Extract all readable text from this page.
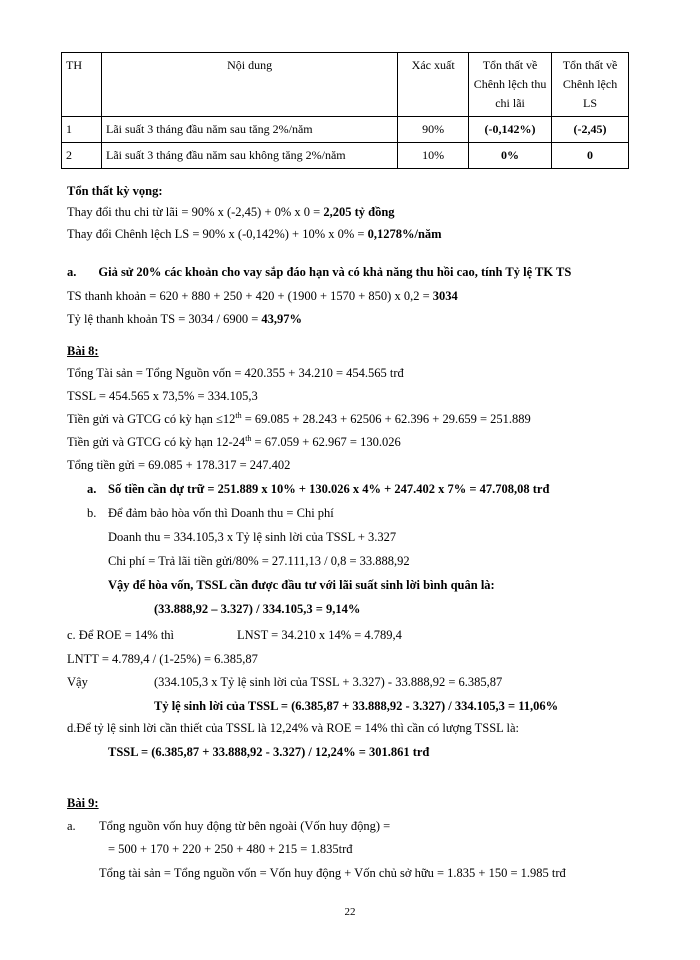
TH	Nội dung	Xác xuất	Tổn thất về Chênh lệch thu chi lãi	Tổn thất về Chênh lệch LS
1	Lãi suất 3 tháng đầu năm sau tăng 2%/năm	90%	(-0,142%)	(-2,45)
2	Lãi suất 3 tháng đầu năm sau không tăng 2%/năm	10%	0%	0
Tổn thất kỳ vọng:
Thay đổi thu chi từ lãi = 90% x (-2,45) + 0% x 0 = 2,205 tỷ đồng
Thay đổi Chênh lệch LS = 90% x (-0,142%) + 10% x 0% = 0,1278%/năm
a. Giả sử 20% các khoản cho vay sắp đáo hạn và có khả năng thu hồi cao, tính Tỷ lệ TK TS
TS thanh khoản = 620 + 880 + 250 + 420 + (1900 + 1570 + 850) x 0,2 = 3034
Tỷ lệ thanh khoản TS = 3034 / 6900 = 43,97%
Bài 8:
Tổng Tài sản = Tổng Nguồn vốn = 420.355 + 34.210 = 454.565 trđ
TSSL = 454.565 x 73,5% = 334.105,3
Tiền gửi và GTCG có kỳ hạn ≤12th = 69.085 + 28.243 + 62506 + 62.396 + 29.659 = 251.889
Tiền gửi và GTCG có kỳ hạn 12-24th = 67.059 + 62.967 = 130.026
Tổng tiền gửi = 69.085 + 178.317 = 247.402
a. Số tiền cần dự trữ = 251.889 x 10% + 130.026 x 4% + 247.402 x 7% = 47.708,08 trđ
b. Để đảm bảo hòa vốn thì Doanh thu = Chi phí
Doanh thu = 334.105,3 x Tỷ lệ sinh lời của TSSL + 3.327
Chi phí = Trả lãi tiền gửi/80% = 27.111,13 / 0,8 = 33.888,92
Vậy để hòa vốn, TSSL cần được đầu tư với lãi suất sinh lời bình quân là:
(33.888,92 – 3.327) / 334.105,3 = 9,14%
c. Để ROE = 14% thì	LNST = 34.210 x 14% = 4.789,4
LNTT = 4.789,4 / (1-25%) = 6.385,87
Vậy	(334.105,3 x Tỷ lệ sinh lời của TSSL + 3.327) - 33.888,92 = 6.385,87
Tỷ lệ sinh lời của TSSL = (6.385,87 + 33.888,92 - 3.327) / 334.105,3 = 11,06%
d.Để tỷ lệ sinh lời cần thiết của TSSL là 12,24% và ROE = 14% thì cần có lượng TSSL là:
TSSL = (6.385,87 + 33.888,92 - 3.327) / 12,24% = 301.861 trđ
Bài 9:
a. Tổng nguồn vốn huy động từ bên ngoài (Vốn huy động) =
= 500 + 170 + 220 + 250 + 480 + 215 = 1.835trđ
Tổng tài sản = Tổng nguồn vốn = Vốn huy động + Vốn chủ sở hữu = 1.835 + 150 = 1.985 trđ
22
